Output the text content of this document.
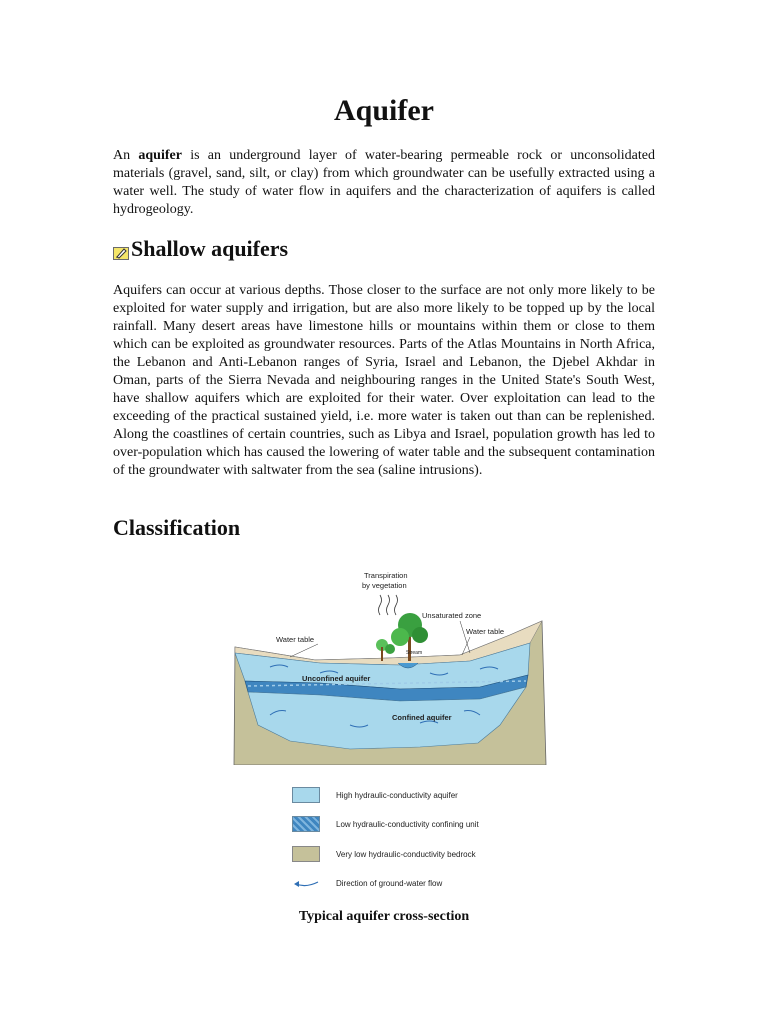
Aquifer

An aquifer is an underground layer of water-bearing permeable rock or unconsolidated materials (gravel, sand, silt, or clay) from which groundwater can be usefully extracted using a water well. The study of water flow in aquifers and the characterization of aquifers is called hydrogeology.

Shallow aquifers

Aquifers can occur at various depths. Those closer to the surface are not only more likely to be exploited for water supply and irrigation, but are also more likely to be topped up by the local rainfall. Many desert areas have limestone hills or mountains within them or close to them which can be exploited as groundwater resources. Parts of the Atlas Mountains in North Africa, the Lebanon and Anti-Lebanon ranges of Syria, Israel and Lebanon, the Djebel Akhdar in Oman, parts of the Sierra Nevada and neighbouring ranges in the United State's South West, have shallow aquifers which are exploited for their water. Over exploitation can lead to the exceeding of the practical sustained yield, i.e. more water is taken out than can be replenished. Along the coastlines of certain countries, such as Libya and Israel, population growth has led to over-population which has caused the lowering of water table and the subsequent contamination of the groundwater with saltwater from the sea (saline intrusions).

Classification
Transpiration
by vegetation
Unsaturated zone
Water table
Water table
Stream
Unconfined aquifer
Confined aquifer
High hydraulic-conductivity aquifer
Low hydraulic-conductivity confining unit
Very low hydraulic-conductivity bedrock
Direction of ground-water flow

Typical aquifer cross-section
